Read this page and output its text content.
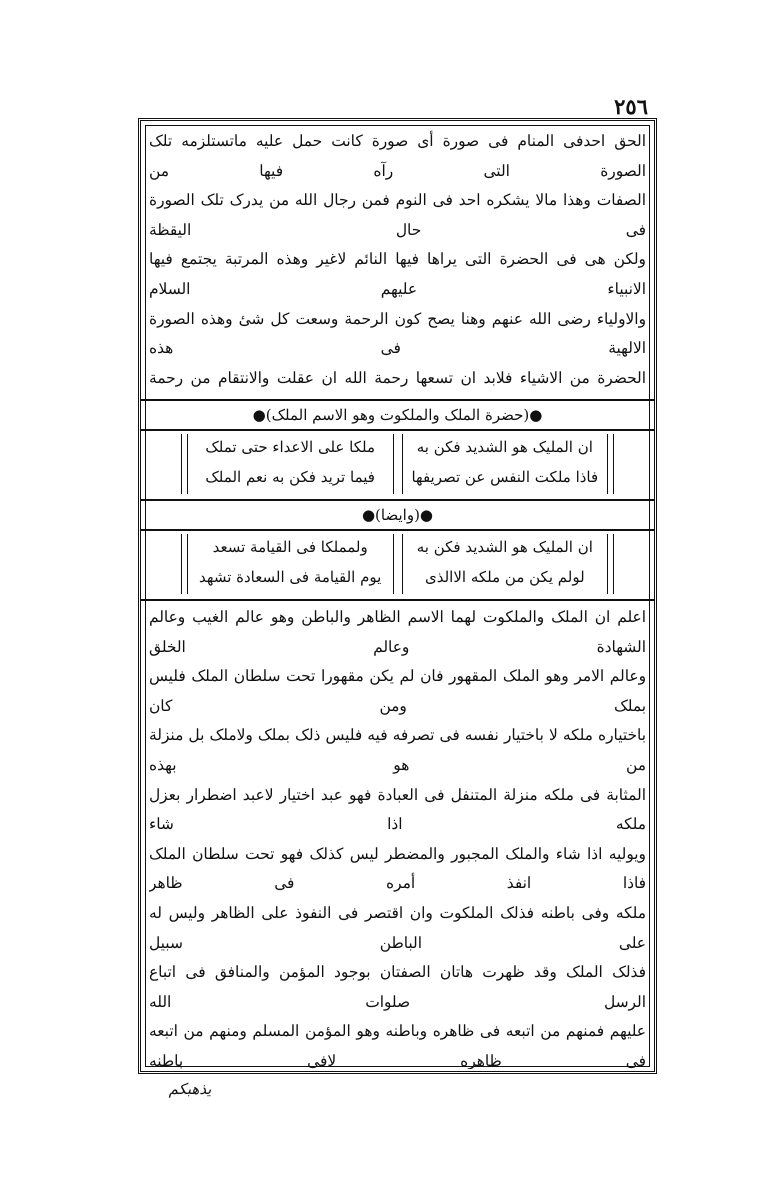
٢٥٦

الحق احدفی المنام فی صورة أی صورة کانت حمل علیه ماتستلزمه تلک الصورة التی رآه فیها من

الصفات وهذا مالا یشکره احد فی النوم فمن رجال الله من یدرک تلک الصورة فی حال الیقظة

ولکن هی فی الحضرة التی یراها فیها النائم لاغیر وهذه المرتبة یجتمع فیها الانبیاء علیهم السلام

والاولیاء رضی الله عنهم وهنا یصح کون الرحمة وسعت کل شیٔ وهذه الصورة الالهیة فی هذه

الحضرة من الاشیاء فلابد ان تسعها رحمة الله ان عقلت والانتقام من رحمة

●(حضرة الملک والملکوت وهو الاسم الملک)●
ان الملیک هو الشدید فکن به
فاذا ملکت النفس عن تصریفها
ملکا علی الاعداء حتی تملک
فیما ترید فکن به نعم الملک
●(وایضا)●
ان الملیک هو الشدید فکن به
لولم یکن من ملکه الاالذی
ولمملکا فی القیامة تسعد
یوم القیامة فی السعادة تشهد

اعلم ان الملک والملکوت لهما الاسم الظاهر والباطن وهو عالم الغیب وعالم الشهادة وعالم الخلق

وعالم الامر وهو الملک المقهور فان لم یکن مقهورا تحت سلطان الملک فلیس بملک ومن کان

باختیاره ملکه لا باختیار نفسه فی تصرفه فیه فلیس ذلک بملک ولاملک بل منزلة من هو بهذه

المثابة فی ملکه منزلة المتنفل فی العبادة فهو عبد اختیار لاعبد اضطرار بعزل ملکه اذا شاء

ویولیه اذا شاء والملک المجبور والمضطر لیس کذلک فهو تحت سلطان الملک فاذا انفذ أمره فی ظاهر

ملکه وفی باطنه فذلک الملکوت وان اقتصر فی النفوذ علی الظاهر ولیس له علی الباطن سبیل

فذلک الملک وقد ظهرت هاتان الصفتان بوجود المؤمن والمنافق فی اتباع الرسل صلوات الله

علیهم فمنهم من اتبعه فی ظاهره وباطنه وهو المؤمن المسلم ومنهم من اتبعه فی ظاهره لافی باطنه

یذهبکم
